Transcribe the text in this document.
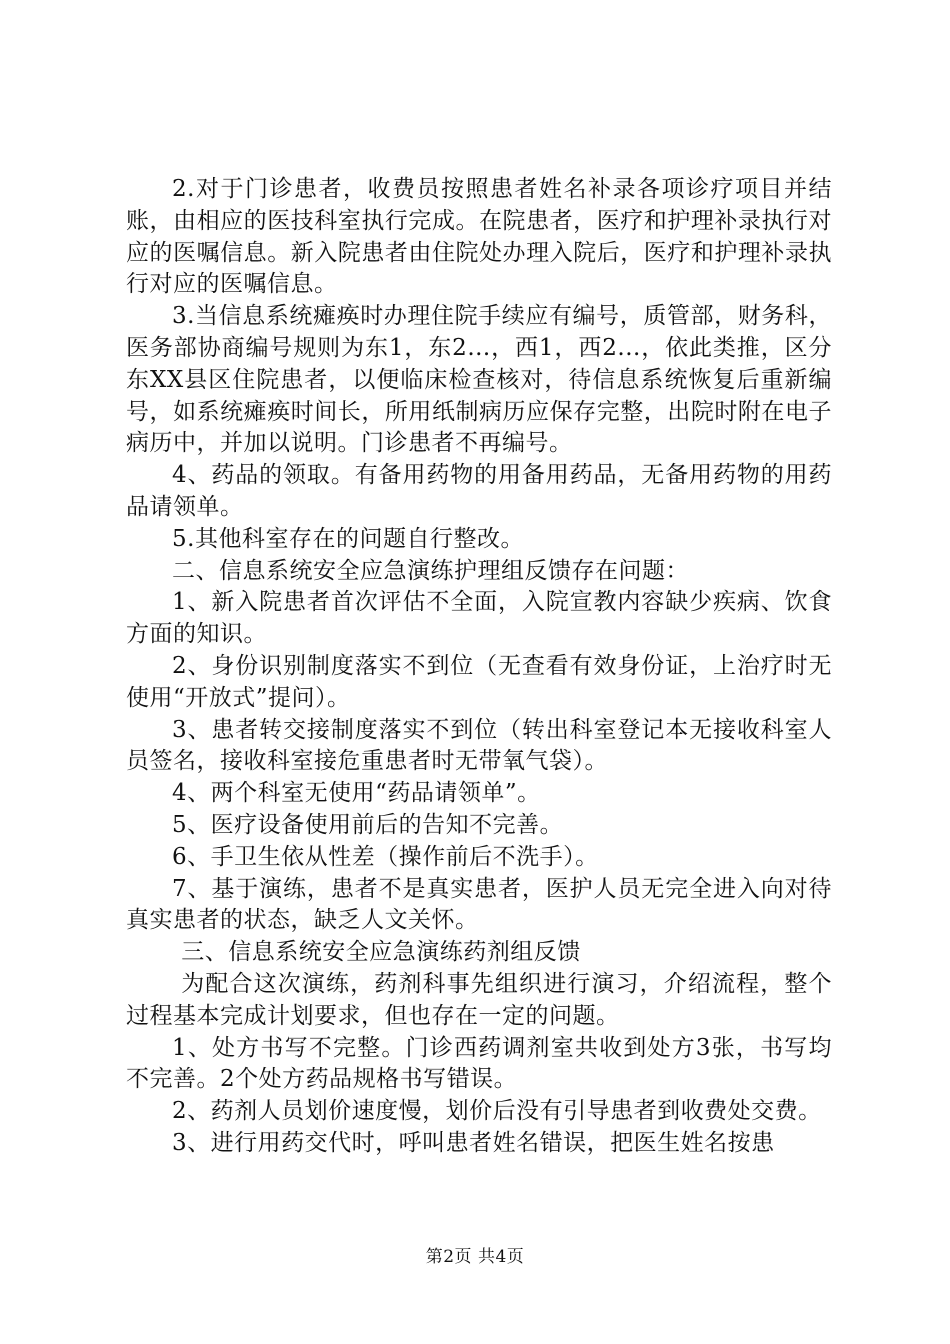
2.对于门诊患者，收费员按照患者姓名补录各项诊疗项目并结账，由相应的医技科室执行完成。在院患者，医疗和护理补录执行对应的医嘱信息。新入院患者由住院处办理入院后，医疗和护理补录执行对应的医嘱信息。

3.当信息系统瘫痪时办理住院手续应有编号，质管部，财务科，医务部协商编号规则为东1，东2...，西1，西2...，依此类推，区分东XX县区住院患者，以便临床检查核对，待信息系统恢复后重新编号，如系统瘫痪时间长，所用纸制病历应保存完整，出院时附在电子病历中，并加以说明。门诊患者不再编号。

4、药品的领取。有备用药物的用备用药品，无备用药物的用药品请领单。

5.其他科室存在的问题自行整改。

二、信息系统安全应急演练护理组反馈存在问题：

1、新入院患者首次评估不全面，入院宣教内容缺少疾病、饮食方面的知识。

2、身份识别制度落实不到位（无查看有效身份证，上治疗时无使用“开放式”提问）。

3、患者转交接制度落实不到位（转出科室登记本无接收科室人员签名，接收科室接危重患者时无带氧气袋）。

4、两个科室无使用“药品请领单”。

5、医疗设备使用前后的告知不完善。

6、手卫生依从性差（操作前后不洗手）。

7、基于演练，患者不是真实患者，医护人员无完全进入向对待真实患者的状态，缺乏人文关怀。

三、信息系统安全应急演练药剂组反馈

为配合这次演练，药剂科事先组织进行演习，介绍流程，整个过程基本完成计划要求，但也存在一定的问题。

1、处方书写不完整。门诊西药调剂室共收到处方3张，书写均不完善。2个处方药品规格书写错误。

2、药剂人员划价速度慢，划价后没有引导患者到收费处交费。

3、进行用药交代时，呼叫患者姓名错误，把医生姓名按患

第2页 共4页
